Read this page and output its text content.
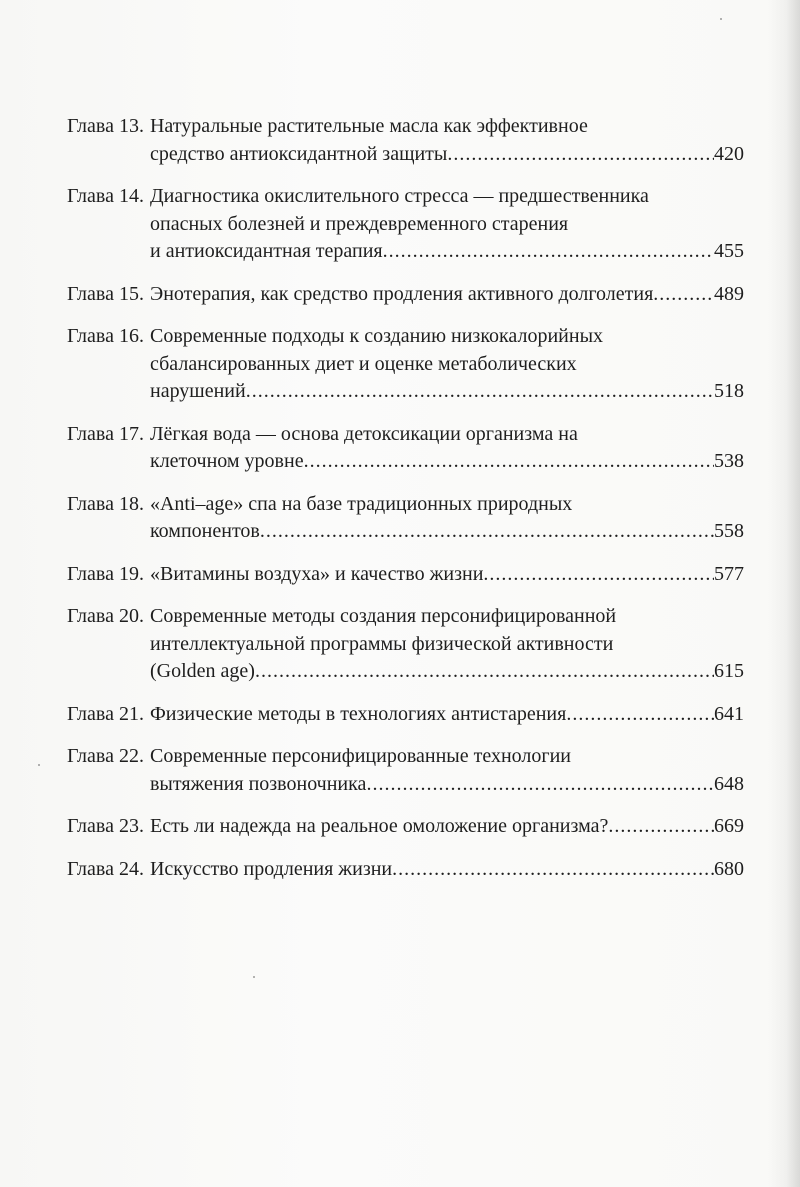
Глава 13. Натуральные растительные масла как эффективное
средство антиоксидантной защиты .....	420
Глава 14. Диагностика окислительного стресса — предшественника
опасных болезней и преждевременного старения
и антиоксидантная терапия .....	455
Глава 15. Энотерапия, как средство продления активного долголетия .....	489
Глава 16. Современные подходы к созданию низкокалорийных
сбалансированных диет и оценке метаболических
нарушений .....	518
Глава 17. Лёгкая вода — основа детоксикации организма на
клеточном уровне .....	538
Глава 18. «Anti–age» спа на базе традиционных природных
компонентов .....	558
Глава 19. «Витамины воздуха» и качество жизни .....	577
Глава 20. Современные методы создания персонифицированной
интеллектуальной программы физической активности
(Golden age) .....	615
Глава 21. Физические методы в технологиях антистарения .....	641
Глава 22. Современные персонифицированные технологии
вытяжения позвоночника .....	648
Глава 23. Есть ли надежда на реальное омоложение организма? .....	669
Глава 24. Искусство продления жизни .....	680
